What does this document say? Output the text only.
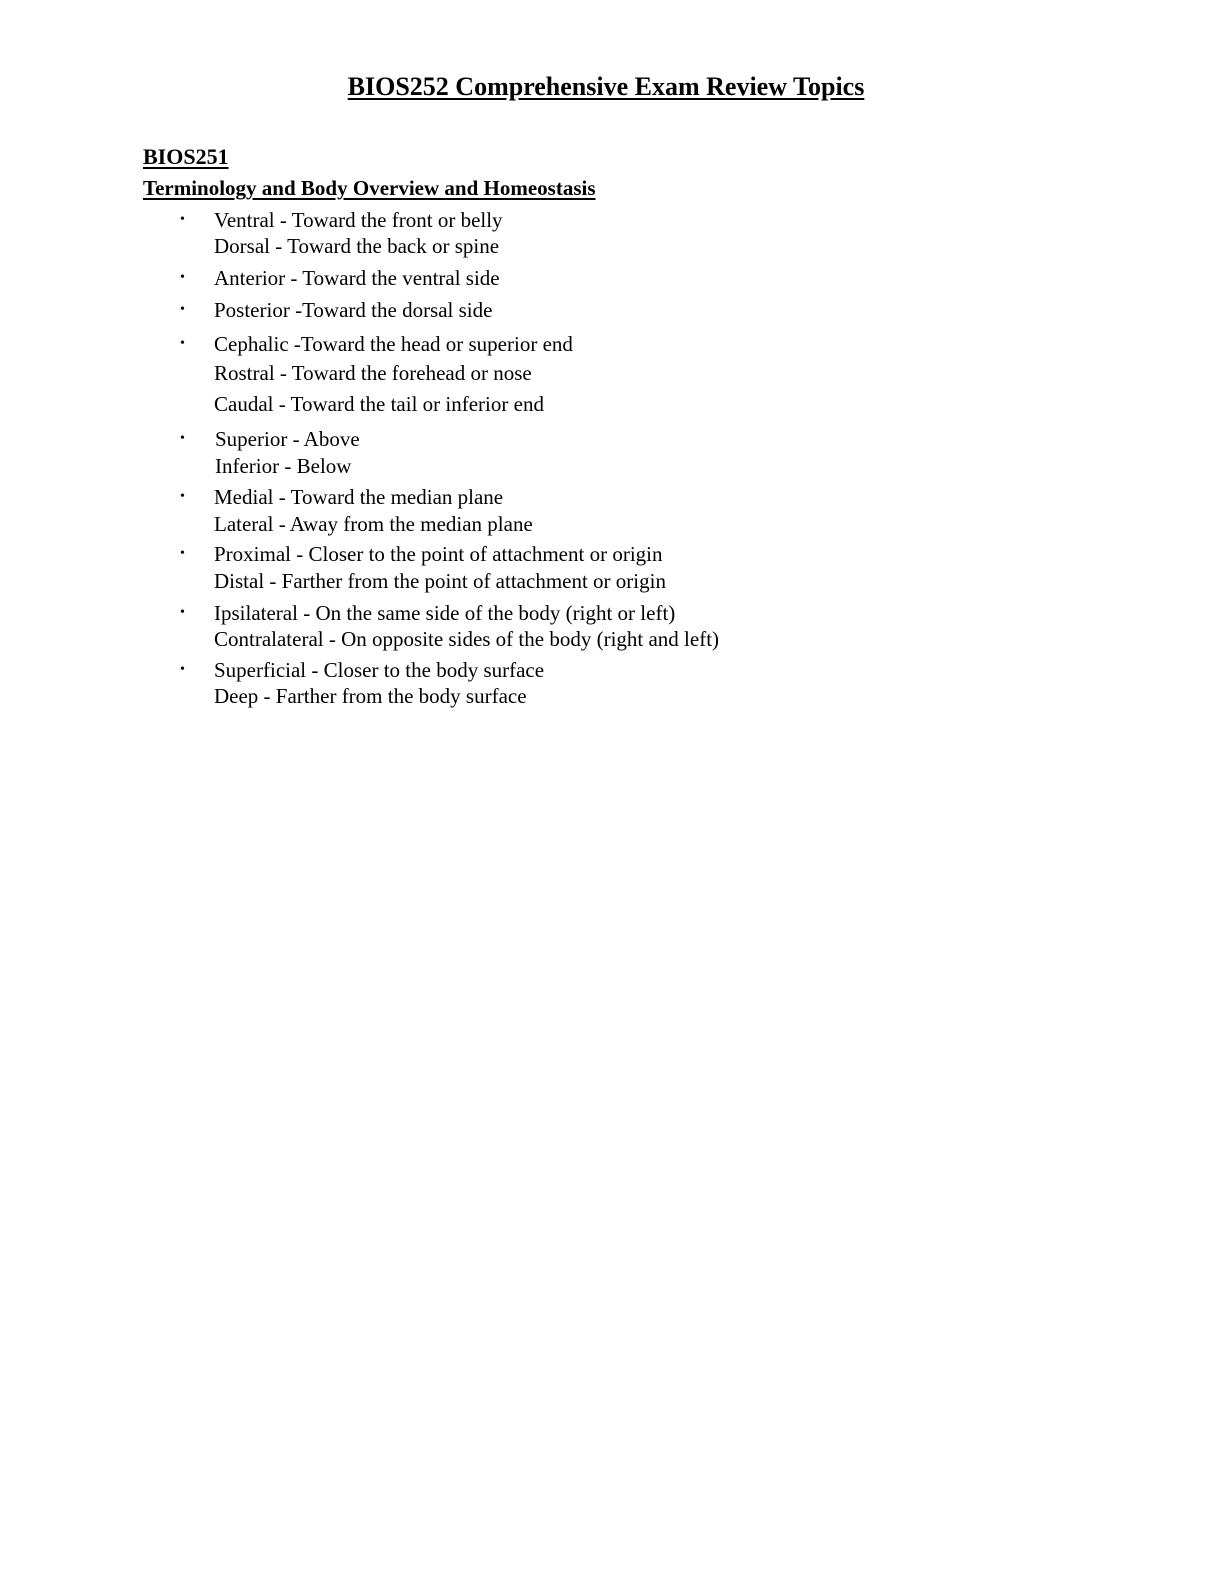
BIOS252 Comprehensive Exam Review Topics
BIOS251
Terminology and Body Overview and Homeostasis
• Ventral - Toward the front or belly
Dorsal - Toward the back or spine
• Anterior - Toward the ventral side
• Posterior -Toward the dorsal side
• Cephalic -Toward the head or superior end
Rostral - Toward the forehead or nose
Caudal - Toward the tail or inferior end
• Superior - Above
Inferior - Below
• Medial - Toward the median plane
Lateral - Away from the median plane
• Proximal - Closer to the point of attachment or origin
Distal - Farther from the point of attachment or origin
• Ipsilateral - On the same side of the body (right or left)
Contralateral - On opposite sides of the body (right and left)
• Superficial - Closer to the body surface
Deep - Farther from the body surface
